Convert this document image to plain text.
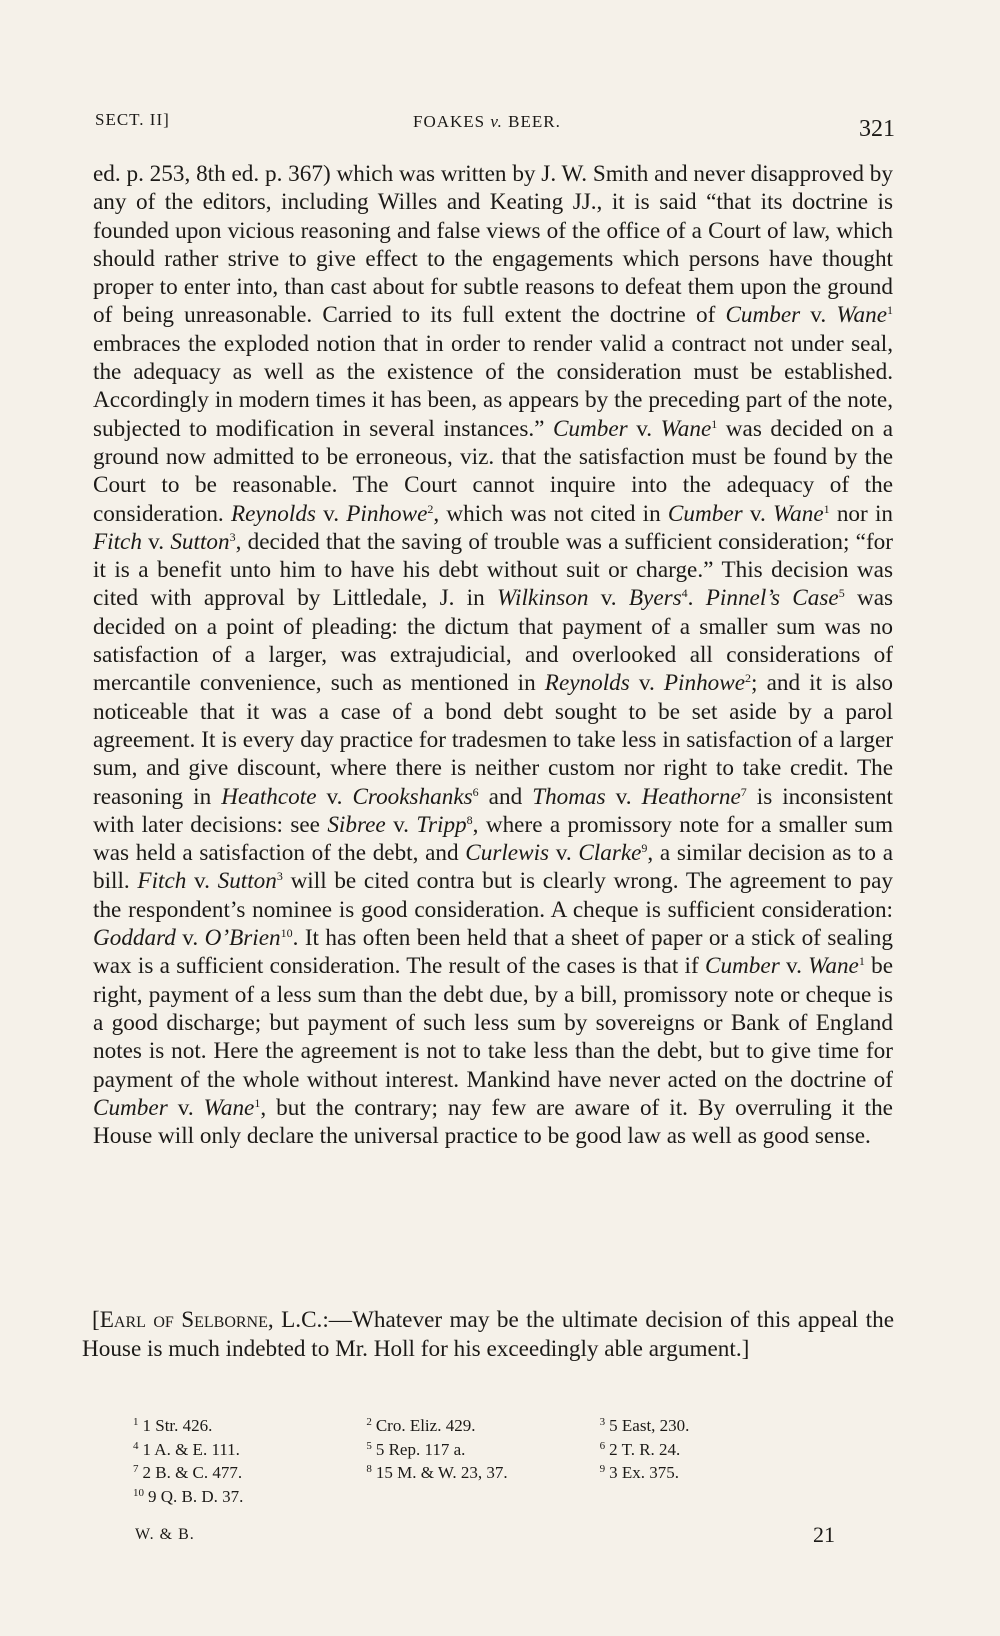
SECT. II]	FOAKES v. BEER.	321

ed. p. 253, 8th ed. p. 367) which was written by J. W. Smith and never disapproved by any of the editors, including Willes and Keating JJ., it is said “that its doctrine is founded upon vicious reasoning and false views of the office of a Court of law, which should rather strive to give effect to the engagements which persons have thought proper to enter into, than cast about for subtle reasons to defeat them upon the ground of being unreasonable. Carried to its full extent the doctrine of Cumber v. Wane$^1$ embraces the exploded notion that in order to render valid a contract not under seal, the adequacy as well as the existence of the consideration must be established. Accordingly in modern times it has been, as appears by the preceding part of the note, subjected to modification in several instances.” Cumber v. Wane$^1$ was decided on a ground now admitted to be erroneous, viz. that the satisfaction must be found by the Court to be reasonable. The Court cannot inquire into the adequacy of the consideration. Reynolds v. Pinhowe$^2$, which was not cited in Cumber v. Wane$^1$ nor in Fitch v. Sutton$^3$, decided that the saving of trouble was a sufficient consideration; “for it is a benefit unto him to have his debt without suit or charge.” This decision was cited with approval by Littledale, J. in Wilkinson v. Byers$^4$. Pinnel’s Case$^5$ was decided on a point of pleading: the dictum that payment of a smaller sum was no satisfaction of a larger, was extrajudicial, and overlooked all considerations of mercantile convenience, such as mentioned in Reynolds v. Pinhowe$^2$; and it is also noticeable that it was a case of a bond debt sought to be set aside by a parol agreement. It is every day practice for tradesmen to take less in satisfaction of a larger sum, and give discount, where there is neither custom nor right to take credit. The reasoning in Heathcote v. Crookshanks$^6$ and Thomas v. Heathorne$^7$ is inconsistent with later decisions: see Sibree v. Tripp$^8$, where a promissory note for a smaller sum was held a satisfaction of the debt, and Curlewis v. Clarke$^9$, a similar decision as to a bill. Fitch v. Sutton$^3$ will be cited contra but is clearly wrong. The agreement to pay the respondent’s nominee is good consideration. A cheque is sufficient consideration: Goddard v. O’Brien$^{10}$. It has often been held that a sheet of paper or a stick of sealing wax is a sufficient consideration. The result of the cases is that if Cumber v. Wane$^1$ be right, payment of a less sum than the debt due, by a bill, promissory note or cheque is a good discharge; but payment of such less sum by sovereigns or Bank of England notes is not. Here the agreement is not to take less than the debt, but to give time for payment of the whole without interest. Mankind have never acted on the doctrine of Cumber v. Wane$^1$, but the contrary; nay few are aware of it. By overruling it the House will only declare the universal practice to be good law as well as good sense.

[Earl of Selborne, L.C.:—Whatever may be the ultimate decision of this appeal the House is much indebted to Mr. Holl for his exceedingly able argument.]
$^1$ 1 Str. 426.	$^2$ Cro. Eliz. 429.	$^3$ 5 East, 230.
$^4$ 1 A. & E. 111.	$^5$ 5 Rep. 117 a.	$^6$ 2 T. R. 24.
$^7$ 2 B. & C. 477.	$^8$ 15 M. & W. 23, 37.	$^9$ 3 Ex. 375.
$^{10}$ 9 Q. B. D. 37.
W. & B.	21
